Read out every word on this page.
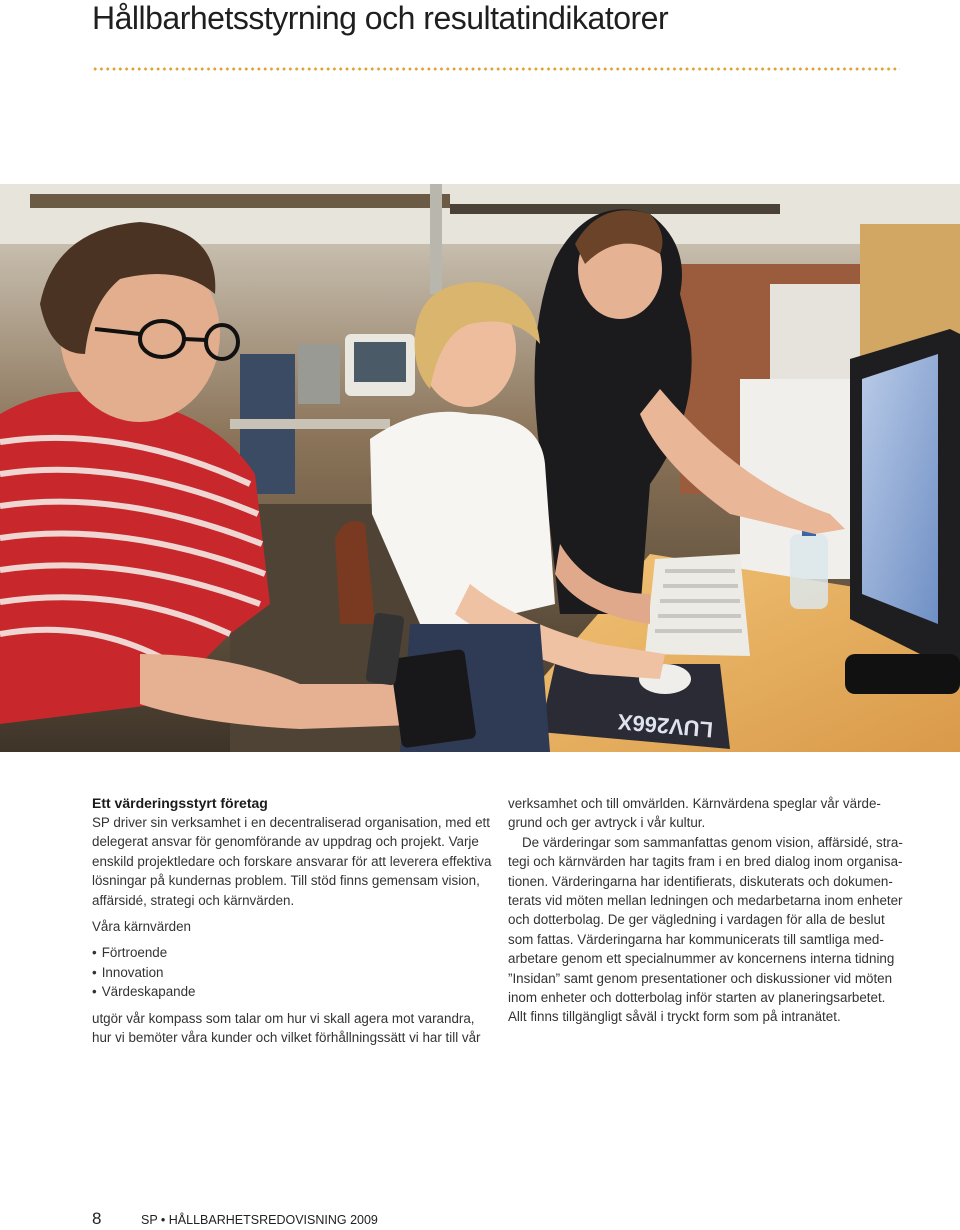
Hållbarhetsstyrning och resultatindikatorer
LUV266X
Ett värderingsstyrt företag
SP driver sin verksamhet i en decentraliserad organisation, med ett
delegerat ansvar för genomförande av uppdrag och projekt. Varje
enskild projektledare och forskare ansvarar för att leverera effektiva
lösningar på kundernas problem. Till stöd finns gemensam vision,
affärsidé, strategi och kärnvärden.
Våra kärnvärden
• Förtroende
• Innovation
• Värdeskapande
utgör vår kompass som talar om hur vi skall agera mot varandra,
hur vi bemöter våra kunder och vilket förhållningssätt vi har till vår
verksamhet och till omvärlden. Kärnvärdena speglar vår värde-
grund och ger avtryck i vår kultur.
De värderingar som sammanfattas genom vision, affärsidé, stra-
tegi och kärnvärden har tagits fram i en bred dialog inom organisa-
tionen. Värderingarna har identifierats, diskuterats och dokumen-
terats vid möten mellan ledningen och medarbetarna inom enheter
och dotterbolag. De ger vägledning i vardagen för alla de beslut
som fattas. Värderingarna har kommunicerats till samtliga med-
arbetare genom ett specialnummer av koncernens interna tidning
”Insidan” samt genom presentationer och diskussioner vid möten
inom enheter och dotterbolag inför starten av planeringsarbetet.
Allt finns tillgängligt såväl i tryckt form som på intranätet.
8	SP • HÅLLBARHETSREDOVISNING 2009
